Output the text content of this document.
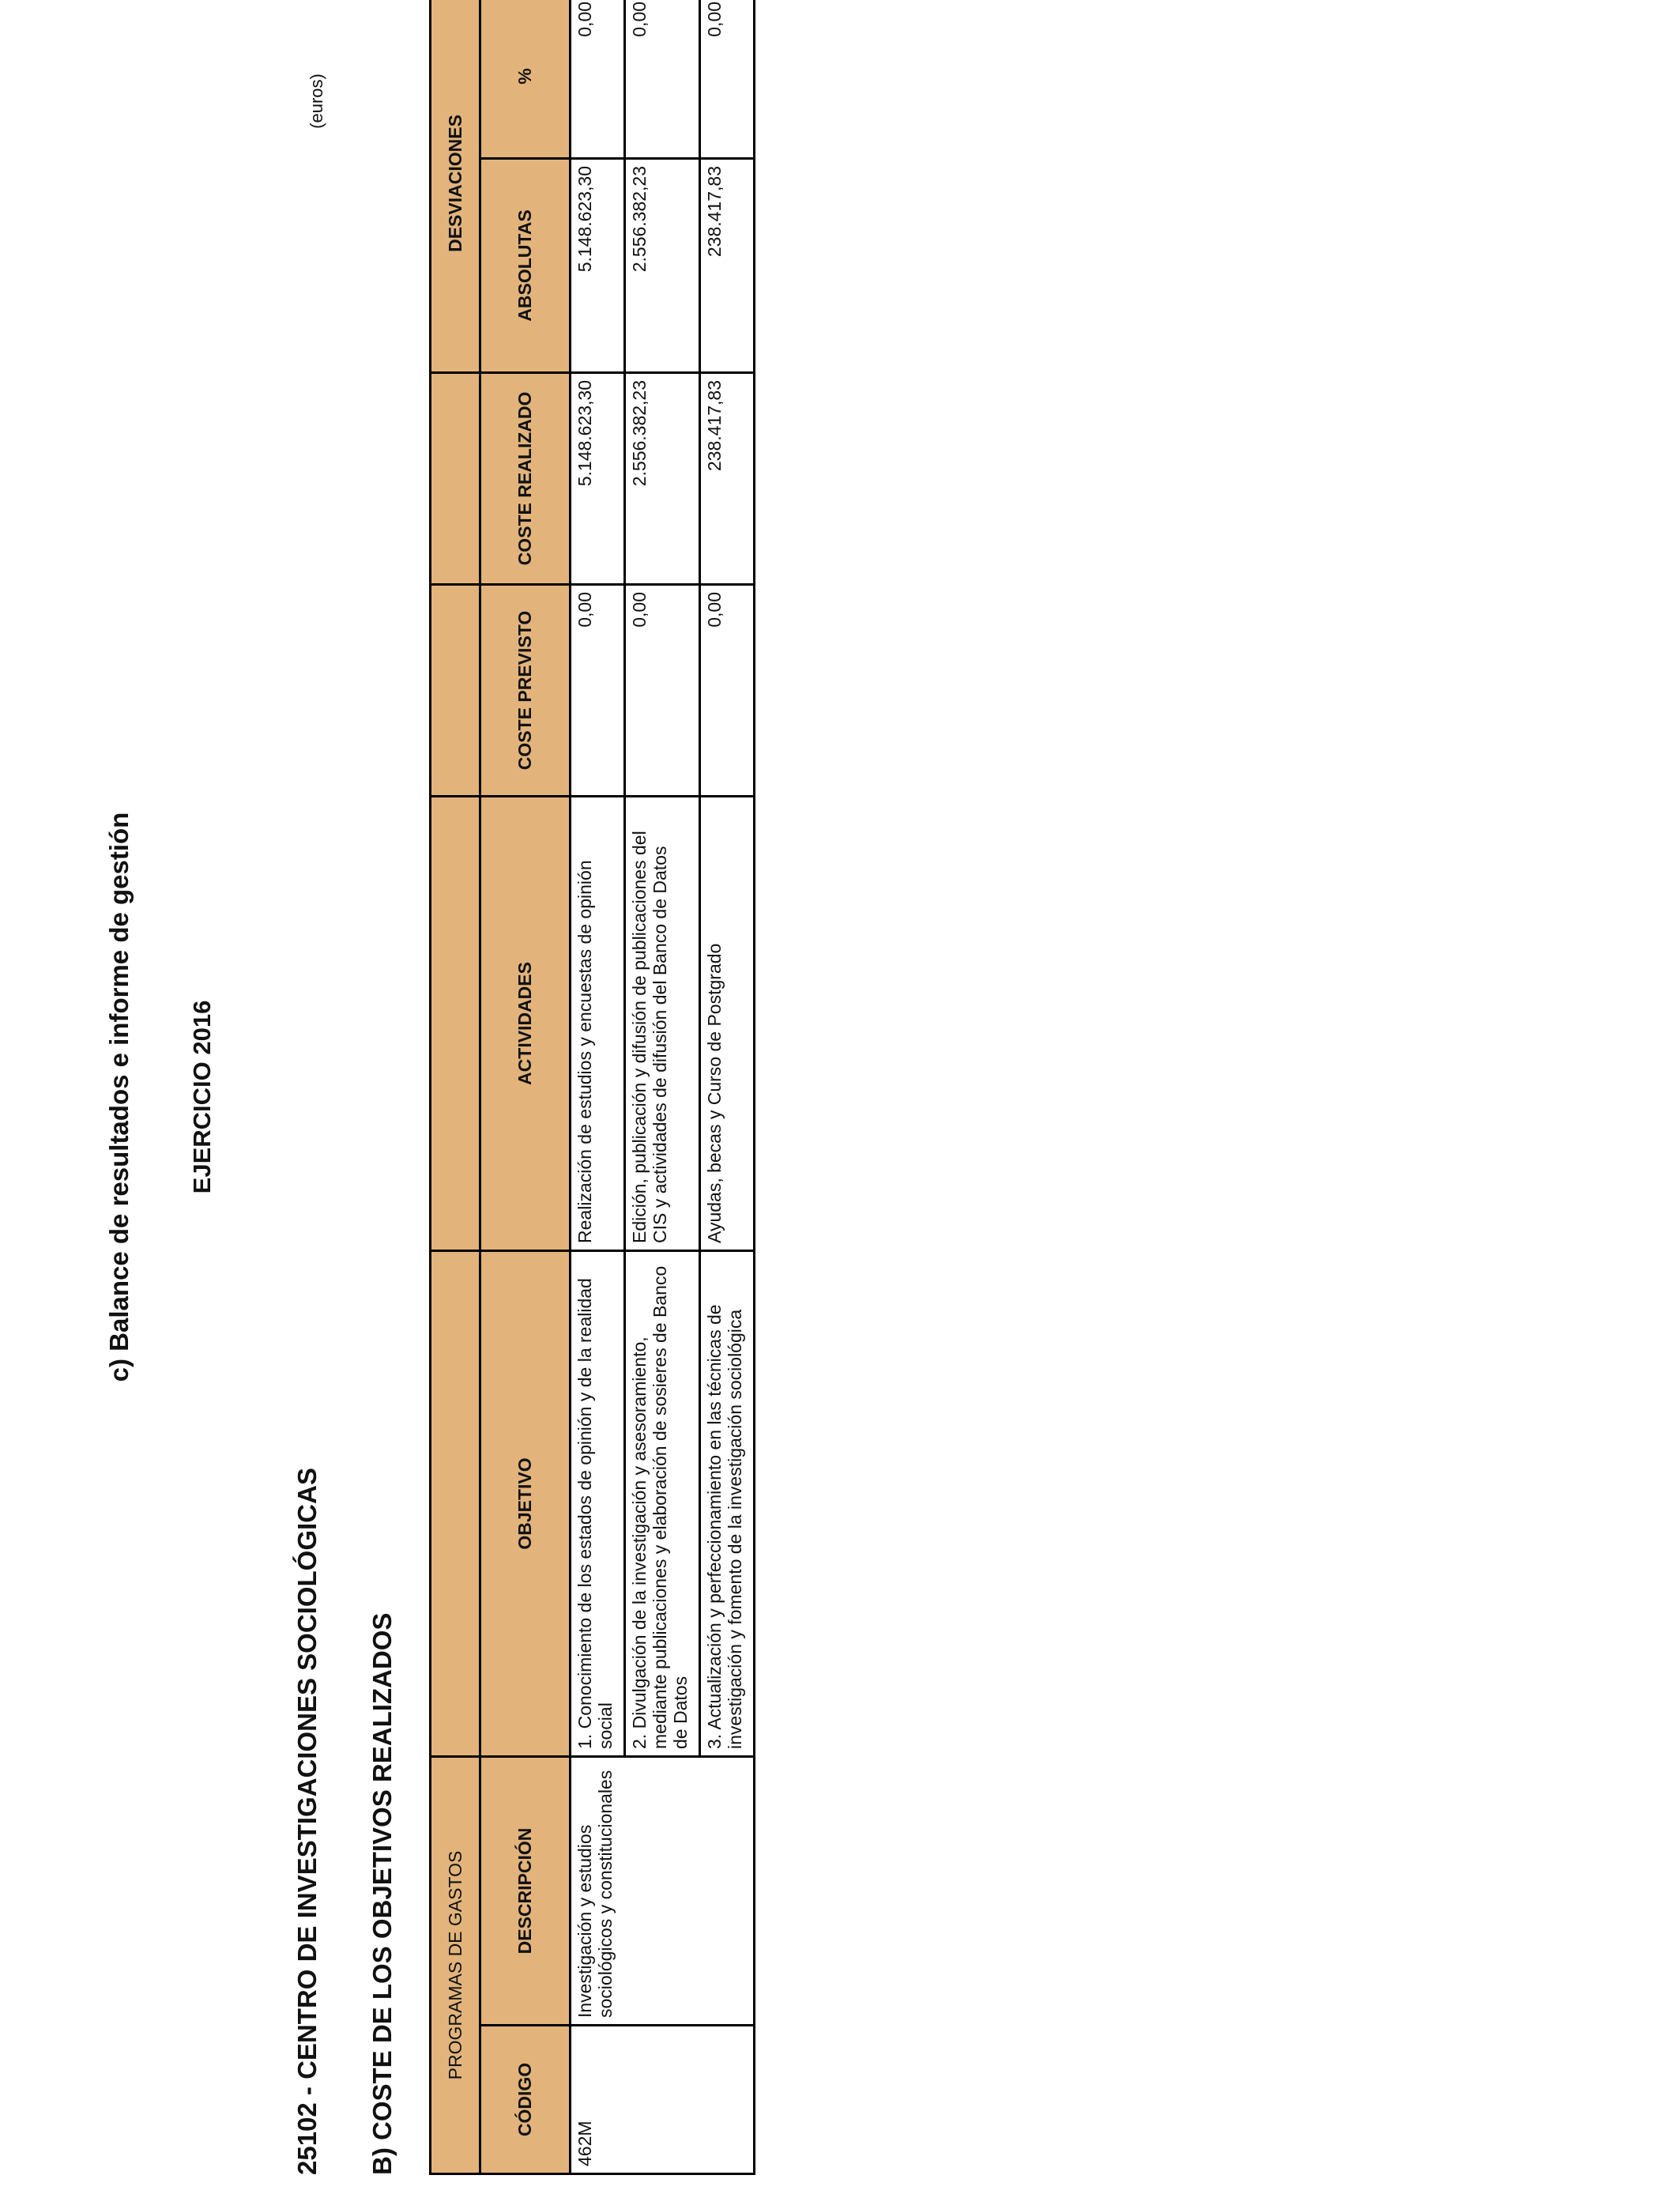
c) Balance de resultados e informe de gestión EJERCICIO 2016
25102 - CENTRO DE INVESTIGACIONES SOCIOLÓGICAS B) COSTE DE LOS OBJETIVOS REALIZADOS
(euros)
PROGRAMAS DE GASTOS						DESVIACIONES	
CÓDIGO	DESCRIPCIÓN	OBJETIVO	ACTIVIDADES	COSTE PREVISTO	COSTE REALIZADO	ABSOLUTAS	%
462M	Investigación y estudios sociológicos y constitucionales	1. Conocimiento de los estados de opinión y de la realidad social	Realización de estudios y encuestas de opinión	0,00	5.148.623,30	5.148.623,30	0,00
		2. Divulgación de la investigación y asesoramiento, mediante publicaciones y elaboración de sosieres de Banco de Datos	Edición, publicación y difusión de publicaciones del CIS y actividades de difusión del Banco de Datos	0,00	2.556.382,23	2.556.382,23	0,00
		3. Actualización y perfeccionamiento en las técnicas de investigación y fomento de la investigación sociológica	Ayudas, becas y Curso de Postgrado	0,00	238.417,83	238.417,83	0,00
